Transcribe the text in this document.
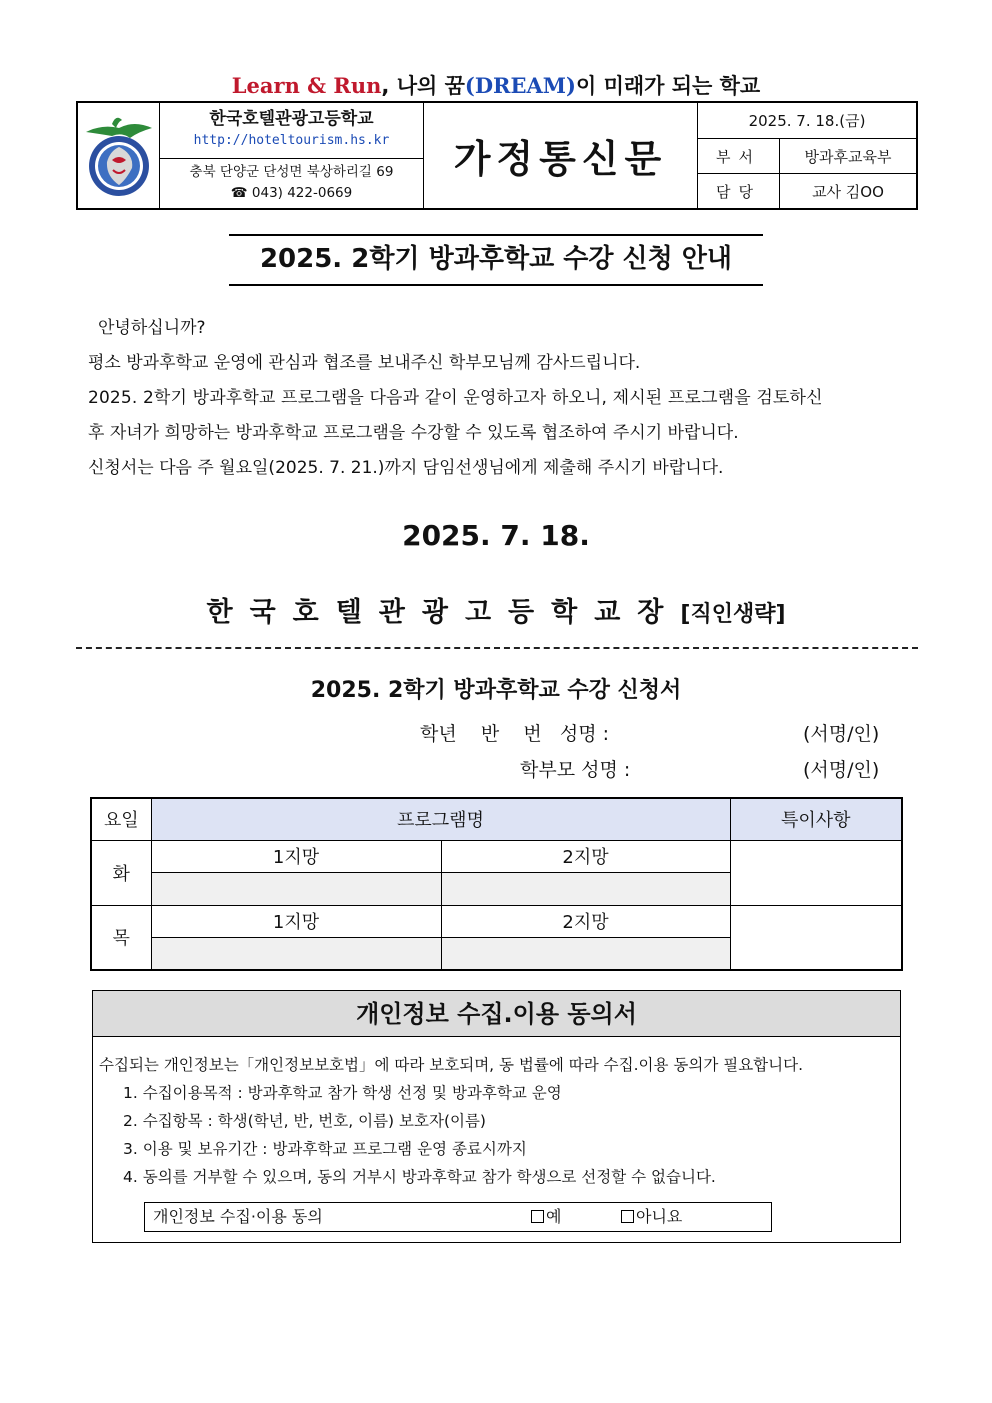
Learn & Run, 나의 꿈(DREAM)이 미래가 되는 학교
한국호텔관광고등학교
http://hoteltourism.hs.kr
충북 단양군 단성면 북상하리길 69
☎ 043) 422-0669
가정통신문
2025. 7. 18.(금)
부서	방과후교육부
담당	교사 김OO
2025. 2학기 방과후학교 수강 신청 안내
안녕하십니까?
평소 방과후학교 운영에 관심과 협조를 보내주신 학부모님께 감사드립니다.
2025. 2학기 방과후학교 프로그램을 다음과 같이 운영하고자 하오니, 제시된 프로그램을 검토하신
후 자녀가 희망하는 방과후학교 프로그램을 수강할 수 있도록 협조하여 주시기 바랍니다.
신청서는 다음 주 월요일(2025. 7. 21.)까지 담임선생님에게 제출해 주시기 바랍니다.
2025. 7. 18.
한국호텔관광고등학교장[직인생략]
2025. 2학기 방과후학교 수강 신청서
학년    반    번   성명 :	(서명/인)
학부모 성명 :	(서명/인)
요일	프로그램명		특이사항
화	1지망	2지망	

목	1지망	2지망	

개인정보 수집.이용 동의서
수집되는 개인정보는「개인정보보호법」에 따라 보호되며, 동 법률에 따라 수집.이용 동의가 필요합니다.
1. 수집이용목적 : 방과후학교 참가 학생 선정 및 방과후학교 운영
2. 수집항목 : 학생(학년, 반, 번호, 이름) 보호자(이름)
3. 이용 및 보유기간 : 방과후학교 프로그램 운영 종료시까지
4. 동의를 거부할 수 있으며, 동의 거부시 방과후학교 참가 학생으로 선정할 수 없습니다.
개인정보 수집·이용 동의	예	아니요
